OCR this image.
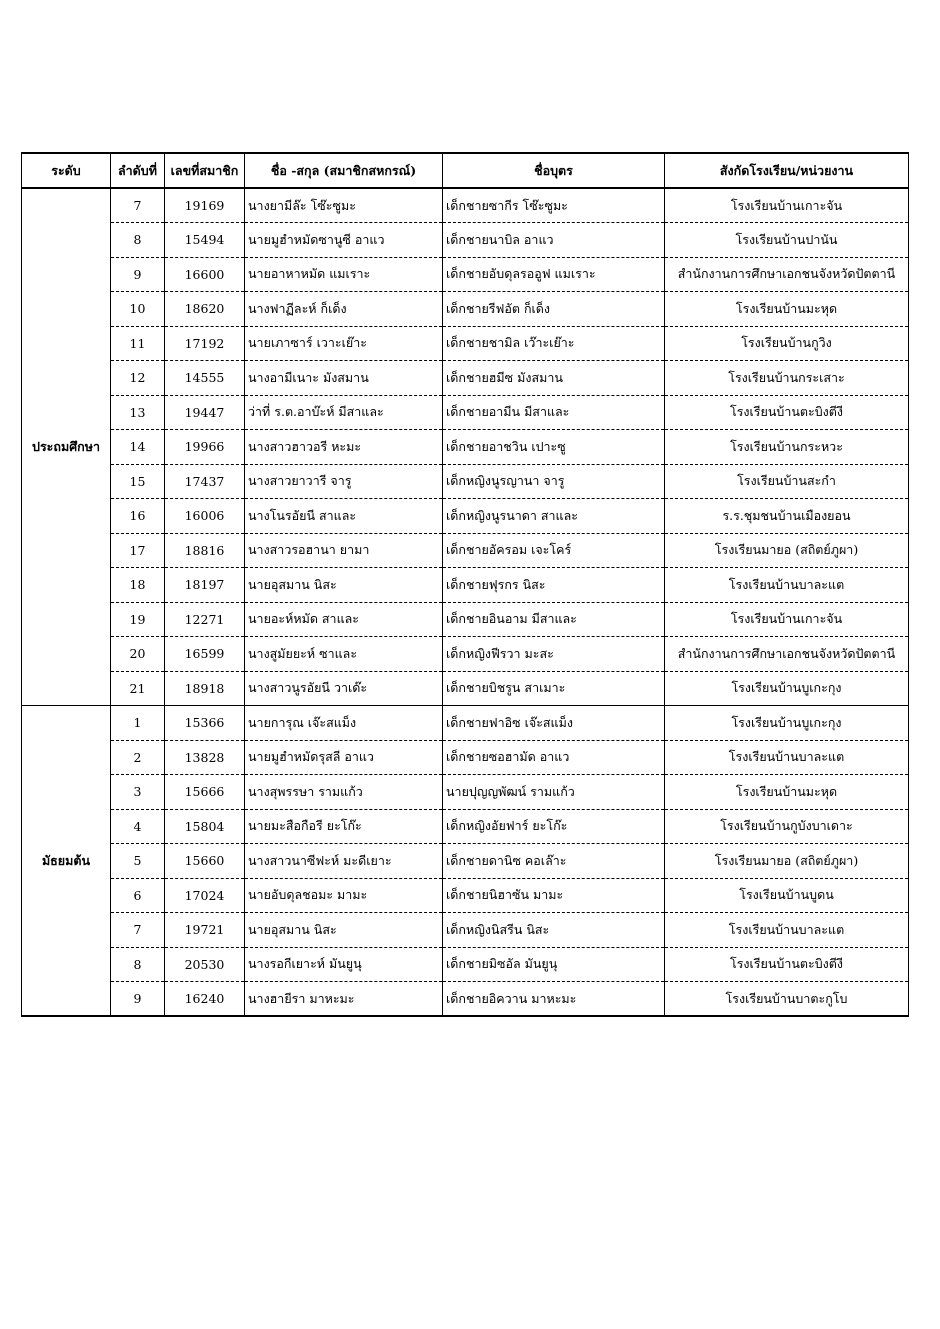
ระดับ	ลำดับที่	เลขที่สมาชิก	ชื่อ -สกุล (สมาชิกสหกรณ์)	ชื่อบุตร	สังกัดโรงเรียน/หน่วยงาน
ประถมศึกษา	7	19169	นางยามีล๊ะ โซ๊ะซูมะ	เด็กชายซากีร โซ๊ะซูมะ	โรงเรียนบ้านเกาะจัน
	8	15494	นายมูฮำหมัดซานูซี อาแว	เด็กชายนาบิล อาแว	โรงเรียนบ้านปานัน
	9	16600	นายอาหาหมัด แมเราะ	เด็กชายอับดุลรออูฟ แมเราะ	สำนักงานการศึกษาเอกชนจังหวัดปัตตานี
	10	18620	นางฟาฏีละห์ ก็เด็ง	เด็กชายรีฟอัต ก็เด็ง	โรงเรียนบ้านมะหุด
	11	17192	นายเภาซาร์ เวาะเย๊าะ	เด็กชายชามิล เว๊าะเย๊าะ	โรงเรียนบ้านกูวิง
	12	14555	นางอามีเนาะ มังสมาน	เด็กชายฮมีซ มังสมาน	โรงเรียนบ้านกระเสาะ
	13	19447	ว่าที่ ร.ต.อาบ๊ะห์ มีสาและ	เด็กชายอามีน มีสาและ	โรงเรียนบ้านตะบิงตีงี
	14	19966	นางสาวฮาวอรี หะมะ	เด็กชายอาชวิน เปาะซู	โรงเรียนบ้านกระหวะ
	15	17437	นางสาวยาวารี จารู	เด็กหญิงนูรญานา จารู	โรงเรียนบ้านสะกำ
	16	16006	นางโนรอัยนี สาและ	เด็กหญิงนูรนาดา สาและ	ร.ร.ชุมชนบ้านเมืองยอน
	17	18816	นางสาวรอฮานา ยามา	เด็กชายอัครอม เจะโคร์	โรงเรียนมายอ (สถิตย์ภูผา)
	18	18197	นายอุสมาน นิสะ	เด็กชายฟุรกร นิสะ	โรงเรียนบ้านบาละแต
	19	12271	นายอะห์หมัด สาและ	เด็กชายอินอาม มีสาและ	โรงเรียนบ้านเกาะจัน
	20	16599	นางสูมัยยะห์ ซาและ	เด็กหญิงฟีรวา มะสะ	สำนักงานการศึกษาเอกชนจังหวัดปัตตานี
	21	18918	นางสาวนูรอัยนี วาเด๊ะ	เด็กชายบิชรูน สาเมาะ	โรงเรียนบ้านบูเกะกุง
มัธยมต้น	1	15366	นายการุณ เจ๊ะสแม็ง	เด็กชายฟาอิซ เจ๊ะสแม็ง	โรงเรียนบ้านบูเกะกุง
	2	13828	นายมูฮำหมัดรุสลี อาแว	เด็กชายซอฮามัด อาแว	โรงเรียนบ้านบาละแต
	3	15666	นางสุพรรษา รามแก้ว	นายปุญญพัฒน์ รามแก้ว	โรงเรียนบ้านมะหุด
	4	15804	นายมะสือกือรี ยะโก๊ะ	เด็กหญิงอัยฟาร์ ยะโก๊ะ	โรงเรียนบ้านกูบังบาเดาะ
	5	15660	นางสาวนาซีฟะห์ มะดีเยาะ	เด็กชายดานิซ คอเล๊าะ	โรงเรียนมายอ (สถิตย์ภูผา)
	6	17024	นายอับดุลชอมะ มามะ	เด็กชายนิฮาซัน มามะ	โรงเรียนบ้านบูดน
	7	19721	นายอุสมาน นิสะ	เด็กหญิงนิสรีน นิสะ	โรงเรียนบ้านบาละแต
	8	20530	นางรอกีเยาะห์ มันยูนุ	เด็กชายมิซอัล มันยูนุ	โรงเรียนบ้านตะบิงตีงี
	9	16240	นางฮายีรา มาหะมะ	เด็กชายอิควาน มาหะมะ	โรงเรียนบ้านบาตะกูโบ
